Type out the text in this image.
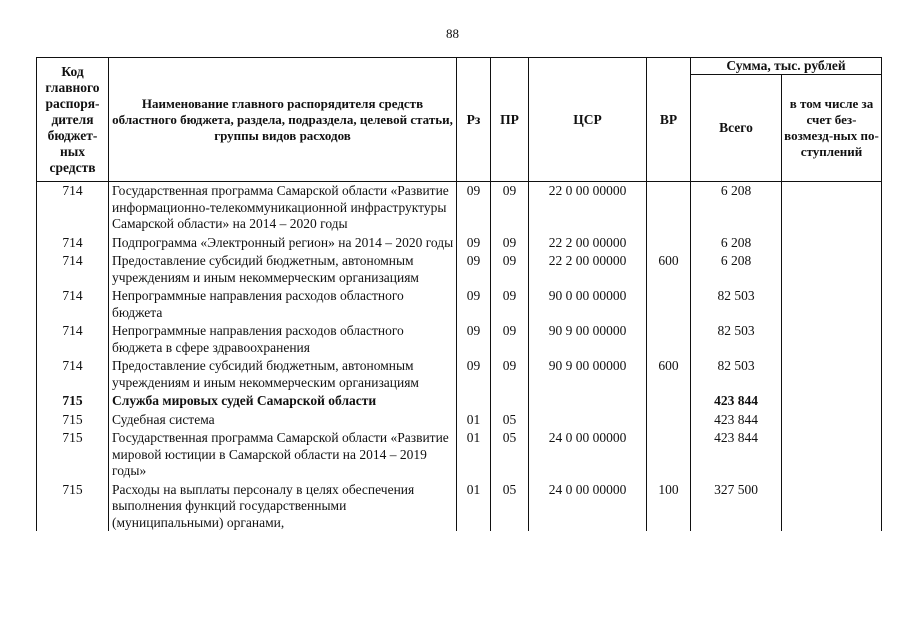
88
Код главного распоря-дителя бюджет-ных средств	Наименование главного распорядителя средств областного бюджета, раздела, подраздела, целевой статьи, группы видов расходов	Рз	ПР	ЦСР	ВР	Сумма, тыс. рублей	
						Всего	в том числе за счет без-возмезд-ных по-ступлений
714	Государственная программа Самарской области «Развитие информационно-телекоммуникационной инфраструктуры Самарской области» на 2014 – 2020 годы	09	09	22 0 00 00000		6 208	
714	Подпрограмма «Электронный регион» на 2014 – 2020 годы	09	09	22 2 00 00000		6 208	
714	Предоставление субсидий бюджетным, автономным учреждениям и иным некоммерческим организациям	09	09	22 2 00 00000	600	6 208	
714	Непрограммные направления расходов областного бюджета	09	09	90 0 00 00000		82 503	
714	Непрограммные направления расходов областного бюджета в сфере здравоохранения	09	09	90 9 00 00000		82 503	
714	Предоставление субсидий бюджетным, автономным учреждениям и иным некоммерческим организациям	09	09	90 9 00 00000	600	82 503	
715	Служба мировых судей Самарской области					423 844	
715	Судебная система	01	05			423 844	
715	Государственная программа Самарской области «Развитие мировой юстиции в Самарской области на 2014 – 2019 годы»	01	05	24 0 00 00000		423 844	
715	Расходы на выплаты персоналу в целях обеспечения выполнения функций государственными (муниципальными) органами,	01	05	24 0 00 00000	100	327 500	
